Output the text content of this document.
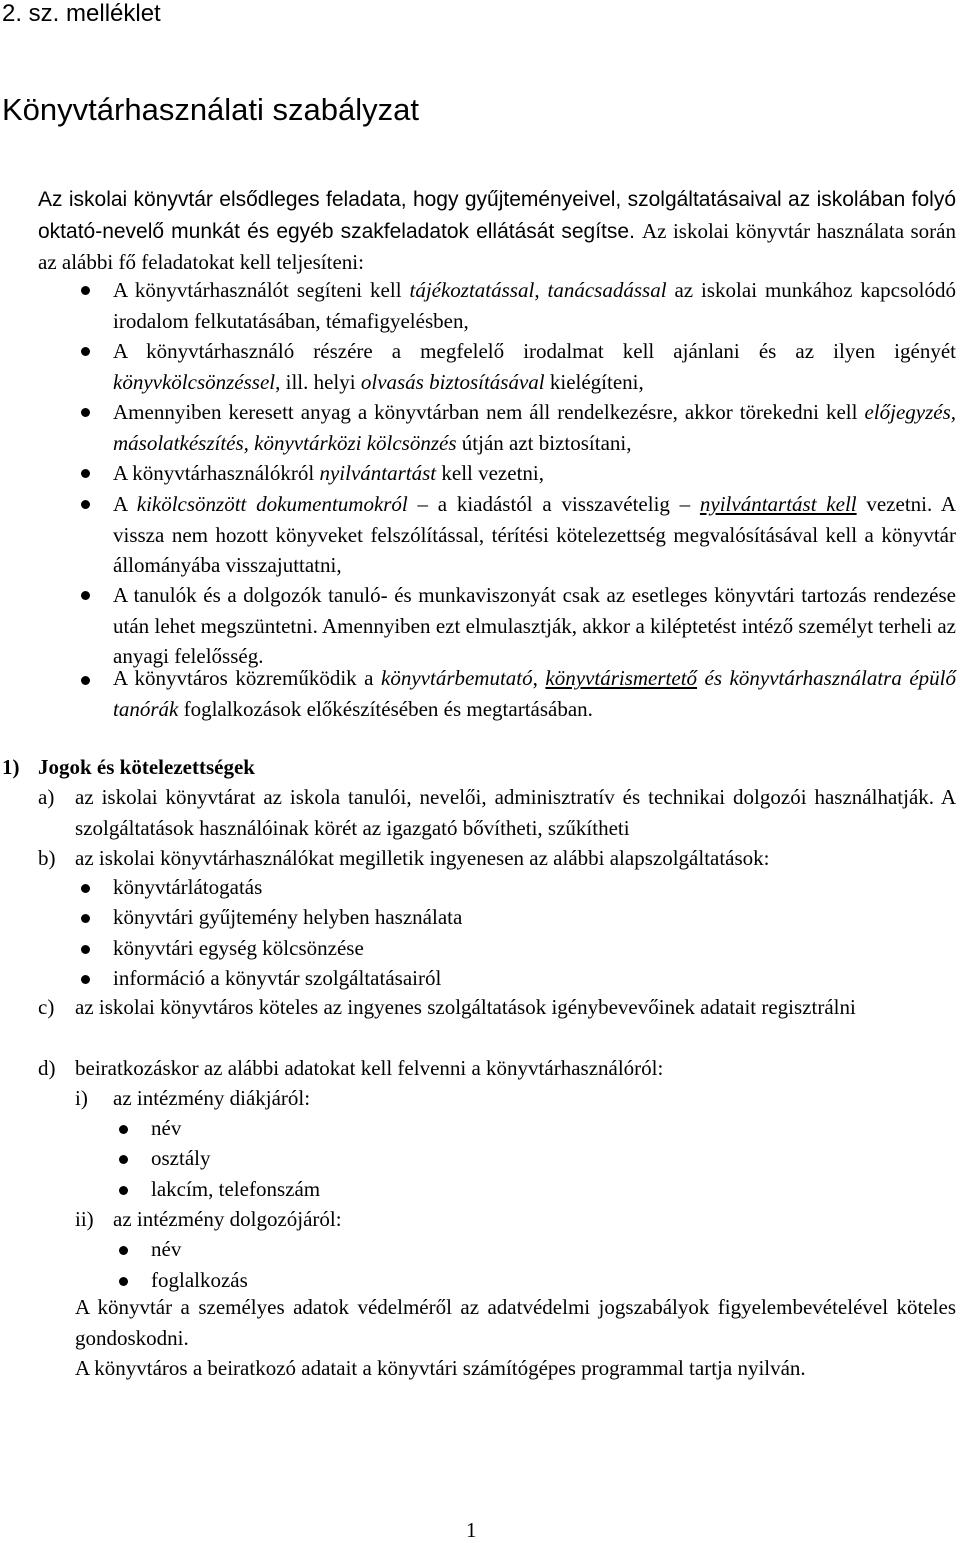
2. sz. melléklet
Könyvtárhasználati szabályzat
Az iskolai könyvtár elsődleges feladata, hogy gyűjteményeivel, szolgáltatásaival az iskolában folyó oktató-nevelő munkát és egyéb szakfeladatok ellátását segítse. Az iskolai könyvtár használata során az alábbi fő feladatokat kell teljesíteni:
A könyvtárhasználót segíteni kell tájékoztatással, tanácsadással az iskolai munkához kapcsolódó irodalom felkutatásában, témafigyelésben,
A könyvtárhasználó részére a megfelelő irodalmat kell ajánlani és az ilyen igényét könyvkölcsönzéssel, ill. helyi olvasás biztosításával kielégíteni,
Amennyiben keresett anyag a könyvtárban nem áll rendelkezésre, akkor törekedni kell előjegyzés, másolatkészítés, könyvtárközi kölcsönzés útján azt biztosítani,
A könyvtárhasználókról nyilvántartást kell vezetni,
A kikölcsönzött dokumentumokról – a kiadástól a visszavételig – nyilvántartást kell vezetni. A vissza nem hozott könyveket felszólítással, térítési kötelezettség megvalósításával kell a könyvtár állományába visszajuttatni,
A tanulók és a dolgozók tanuló- és munkaviszonyát csak az esetleges könyvtári tartozás rendezése után lehet megszüntetni. Amennyiben ezt elmulasztják, akkor a kiléptetést intéző személyt terheli az anyagi felelősség.
A könyvtáros közreműködik a könyvtárbemutató, könyvtárismertető és könyvtárhasználatra épülő tanórák foglalkozások előkészítésében és megtartásában.
1) Jogok és kötelezettségek
a) az iskolai könyvtárat az iskola tanulói, nevelői, adminisztratív és technikai dolgozói használhatják. A szolgáltatások használóinak körét az igazgató bővítheti, szűkítheti
b) az iskolai könyvtárhasználókat megilletik ingyenesen az alábbi alapszolgáltatások:
könyvtárlátogatás
könyvtári gyűjtemény helyben használata
könyvtári egység kölcsönzése
információ a könyvtár szolgáltatásairól
c) az iskolai könyvtáros köteles az ingyenes szolgáltatások igénybevevőinek adatait regisztrálni
d) beiratkozáskor az alábbi adatokat kell felvenni a könyvtárhasználóról:
i) az intézmény diákjáról:
név
osztály
lakcím, telefonszám
ii) az intézmény dolgozójáról:
név
foglalkozás
A könyvtár a személyes adatok védelméről az adatvédelmi jogszabályok figyelembevételével köteles gondoskodni.
A könyvtáros a beiratkozó adatait a könyvtári számítógépes programmal tartja nyilván.
1
